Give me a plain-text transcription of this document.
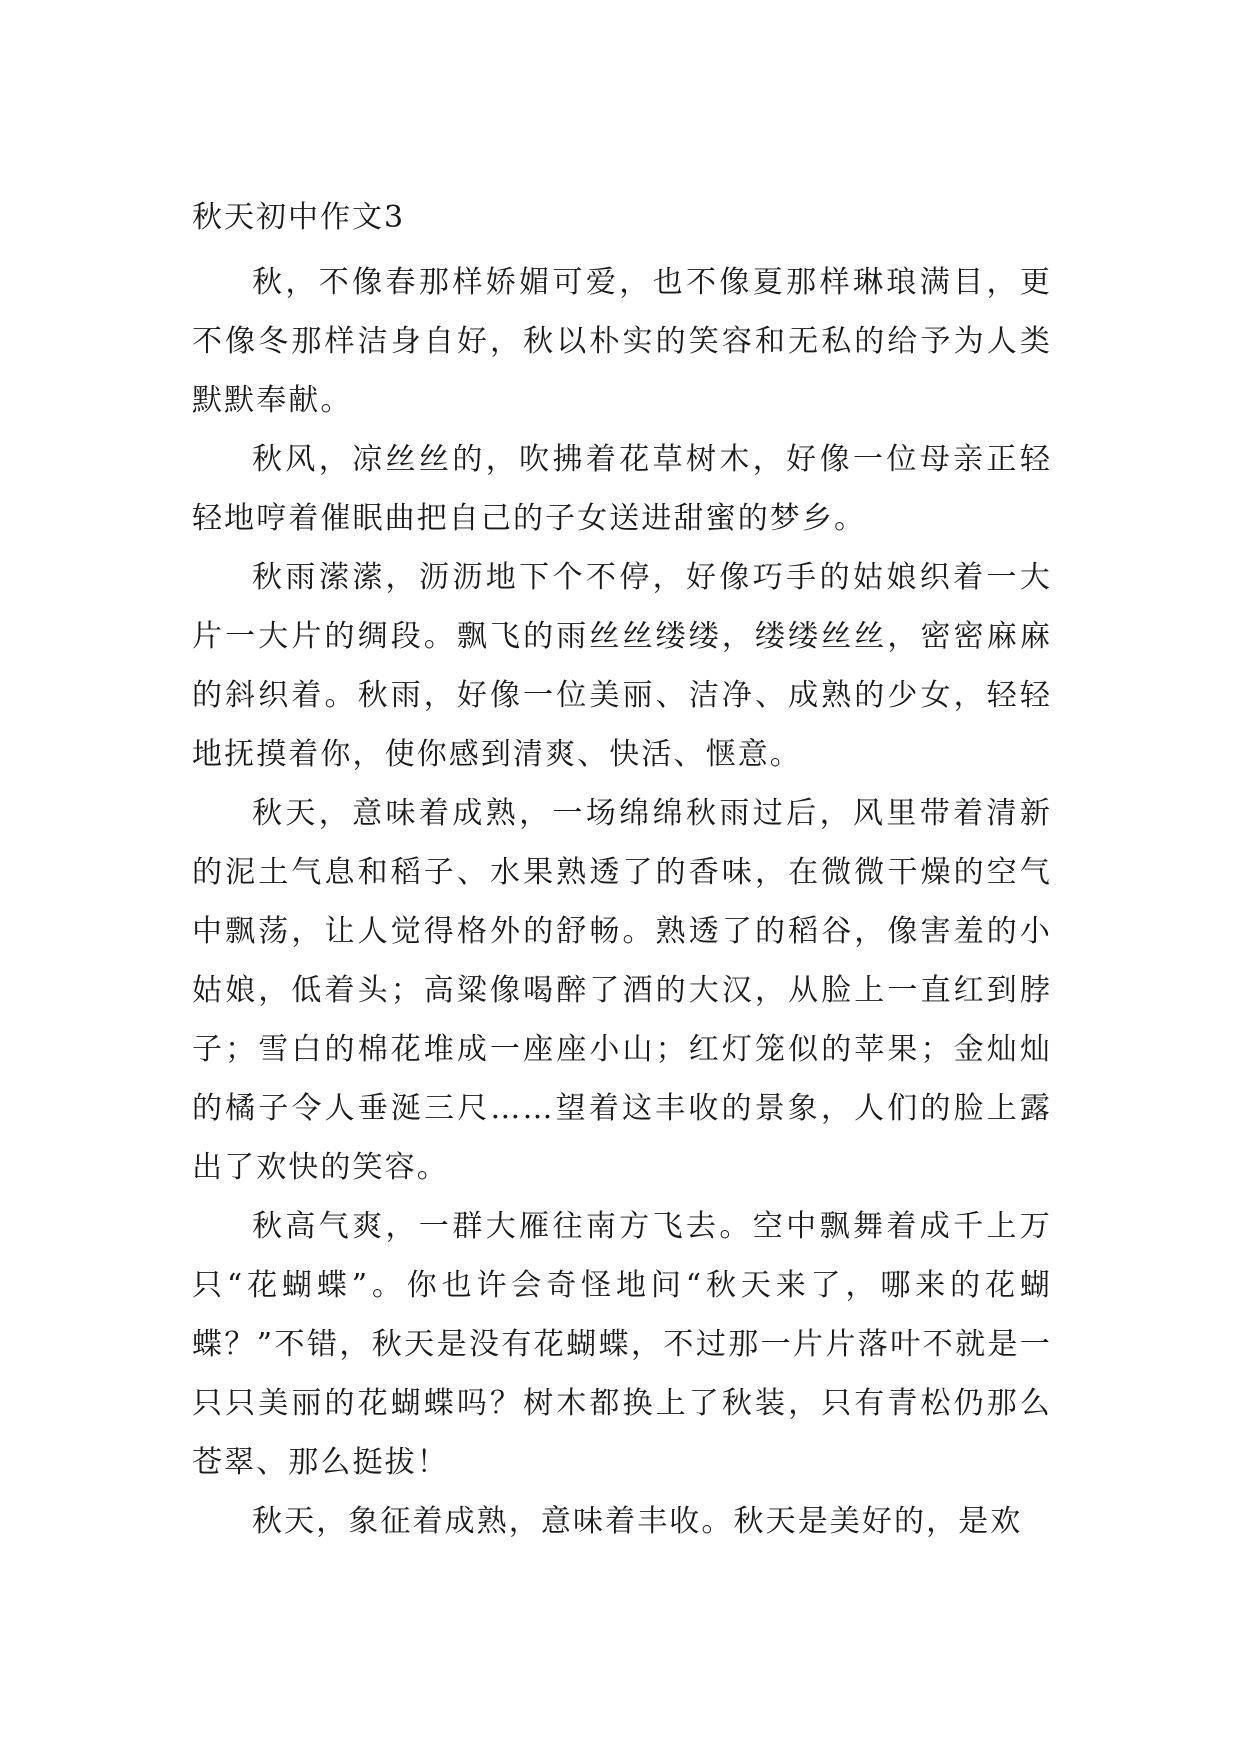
秋天初中作文3

秋，不像春那样娇媚可爱，也不像夏那样琳琅满目，更不像冬那样洁身自好，秋以朴实的笑容和无私的给予为人类默默奉献。

秋风，凉丝丝的，吹拂着花草树木，好像一位母亲正轻轻地哼着催眠曲把自己的子女送进甜蜜的梦乡。

秋雨潆潆，沥沥地下个不停，好像巧手的姑娘织着一大片一大片的绸段。飘飞的雨丝丝缕缕，缕缕丝丝，密密麻麻的斜织着。秋雨，好像一位美丽、洁净、成熟的少女，轻轻地抚摸着你，使你感到清爽、快活、惬意。

秋天，意味着成熟，一场绵绵秋雨过后，风里带着清新的泥土气息和稻子、水果熟透了的香味，在微微干燥的空气中飘荡，让人觉得格外的舒畅。熟透了的稻谷，像害羞的小姑娘，低着头；高粱像喝醉了酒的大汉，从脸上一直红到脖子；雪白的棉花堆成一座座小山；红灯笼似的苹果；金灿灿的橘子令人垂涎三尺……望着这丰收的景象，人们的脸上露出了欢快的笑容。

秋高气爽，一群大雁往南方飞去。空中飘舞着成千上万只“花蝴蝶”。你也许会奇怪地问“秋天来了，哪来的花蝴蝶？”不错，秋天是没有花蝴蝶，不过那一片片落叶不就是一只只美丽的花蝴蝶吗？树木都换上了秋装，只有青松仍那么苍翠、那么挺拔！

秋天，象征着成熟，意味着丰收。秋天是美好的，是欢
